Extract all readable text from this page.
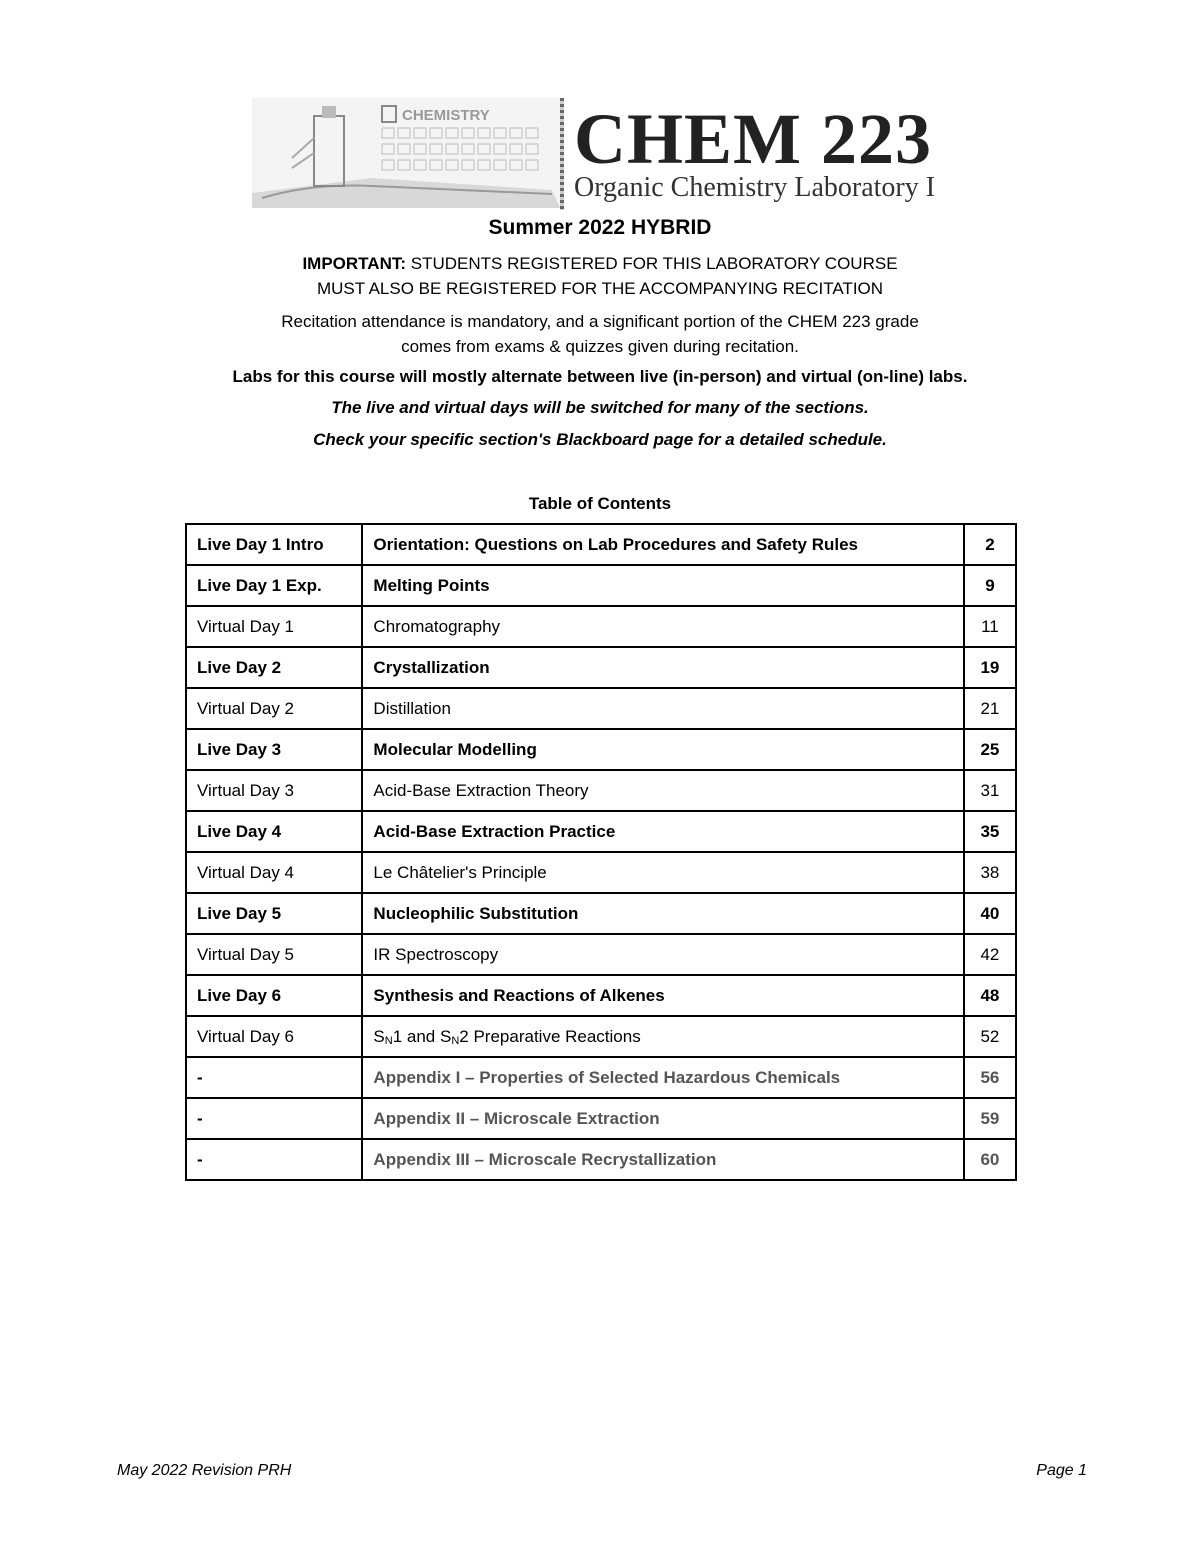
CHEMISTRY CHEM 223
Organic Chemistry Laboratory I
Summer 2022 HYBRID
IMPORTANT: STUDENTS REGISTERED FOR THIS LABORATORY COURSE
MUST ALSO BE REGISTERED FOR THE ACCOMPANYING RECITATION
Recitation attendance is mandatory, and a significant portion of the CHEM 223 grade
comes from exams & quizzes given during recitation.
Labs for this course will mostly alternate between live (in-person) and virtual (on-line) labs.
The live and virtual days will be switched for many of the sections.
Check your specific section's Blackboard page for a detailed schedule.
Table of Contents
Live Day 1 Intro	Orientation: Questions on Lab Procedures and Safety Rules	2
Live Day 1 Exp.	Melting Points	9
Virtual Day 1	Chromatography	11
Live Day 2	Crystallization	19
Virtual Day 2	Distillation	21
Live Day 3	Molecular Modelling	25
Virtual Day 3	Acid-Base Extraction Theory	31
Live Day 4	Acid-Base Extraction Practice	35
Virtual Day 4	Le Châtelier's Principle	38
Live Day 5	Nucleophilic Substitution	40
Virtual Day 5	IR Spectroscopy	42
Live Day 6	Synthesis and Reactions of Alkenes	48
Virtual Day 6	$S_N1$ and $S_N2$ Preparative Reactions	52
-	Appendix I – Properties of Selected Hazardous Chemicals	56
-	Appendix II – Microscale Extraction	59
-	Appendix III – Microscale Recrystallization	60
May 2022 Revision PRH	Page 1
